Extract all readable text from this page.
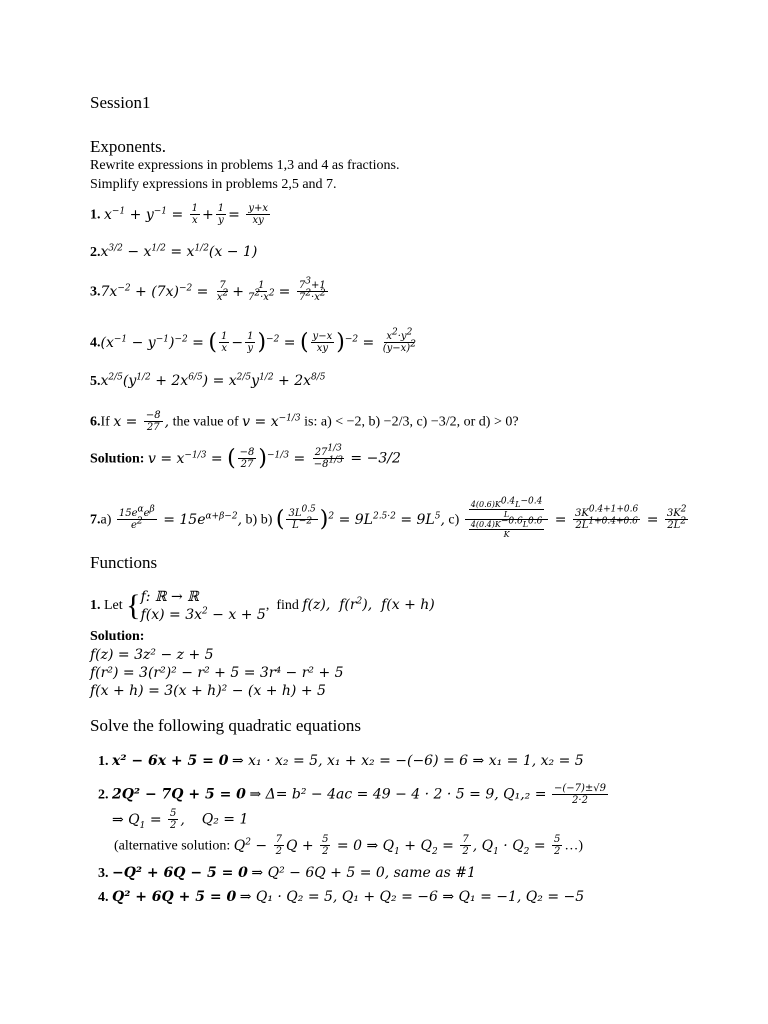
Session1
Exponents.
Rewrite expressions in problems 1,3 and 4 as fractions.
Simplify expressions in problems 2,5 and 7.
1. $x^{-1} + y^{-1} = \frac{1}{x} + \frac{1}{y} = \frac{y+x}{xy}$
$2.x^{3/2} - x^{1/2} = x^{1/2}(x - 1)$
$3.7x^{-2} + (7x)^{-2} = \frac{7}{x^2} + \frac{1}{7^2\cdot x^2} = \frac{7^3+1}{7^2\cdot x^2}$
$4.(x^{-1} - y^{-1})^{-2}$ = ( $\frac{1}{x} - \frac{1}{y} )^{-2}$ = ( $\frac{y-x}{xy} )^{-2} = \frac{x^2\cdot y^2}{(y-x)^2}$
$5.x^{2/5}(y^{1/2} + 2x^{6/5}) = x^{2/5}y^{1/2} + 2x^{8/5}$
6.If $x = \frac{-8}{27}$ , the value of $v = x^{-1/3}$ is: a) < −2, b) −2/3, c) −3/2, or d) > 0?
Solution: $v = x^{-1/3}$ = ( $\frac{-8}{27} )^{-1/3} = \frac{27^{1/3}}{-8^{1/3}} = -3/2$
$7.a) \frac{15e^\alpha e^\beta}{e^2} = 15e^{\alpha+\beta-2}$, b) b) ( $\frac{3L^{0.5}}{L^{-2}} )^2 = 9L^{2.5\cdot 2} = 9L^5$, $c) \frac{\frac{4(0.6)K^{0.4}L^{-0.4}}{L}}{\frac{4(0.4)K^{-0.6}L^{0.6}}{K}} = \frac{3K^{0.4+1+0.6}}{2L^{1+0.4+0.6}} = \frac{3K^2}{2L^2}$
Functions
1. Let { f: ℝ → ℝ
$f(x) = 3x^2 - x + 5$
,  find f(z),  $f(r^2)$,  f(x + h)
Solution:
f(z) = 3z² − z + 5
f(r²) = 3(r²)² − r² + 5 = 3r⁴ − r² + 5
f(x + h) = 3(x + h)² − (x + h) + 5
Solve the following quadratic equations
1. x² − 6x + 5 = 0 ⇒ x₁ · x₂ = 5, x₁ + x₂ = −(−6) = 6 ⇒ x₁ = 1, x₂ = 5
2. 2Q² − 7Q + 5 = 0 ⇒ Δ= b² − 4ac = 49 − 4 · 2 · 5 = 9, $Q_1,_2 = \frac{-(-7)\pm√9}{2\cdot 2}$
⇒ $Q_1 = \frac{5}{2}$ ,    Q₂ = 1
(alternative solution: $Q^2 - \frac{7}{2}$ $Q + \frac{5}{2} = 0$ ⇒ $Q_1 + Q_2 = \frac{7}{2}$ , $Q_1 \cdot Q_2 = \frac{5}{2}$ …)
3. −Q² + 6Q − 5 = 0 ⇒ Q² − 6Q + 5 = 0, same as #1
4. Q² + 6Q + 5 = 0 ⇒ Q₁ · Q₂ = 5, Q₁ + Q₂ = −6 ⇒ Q₁ = −1, Q₂ = −5
